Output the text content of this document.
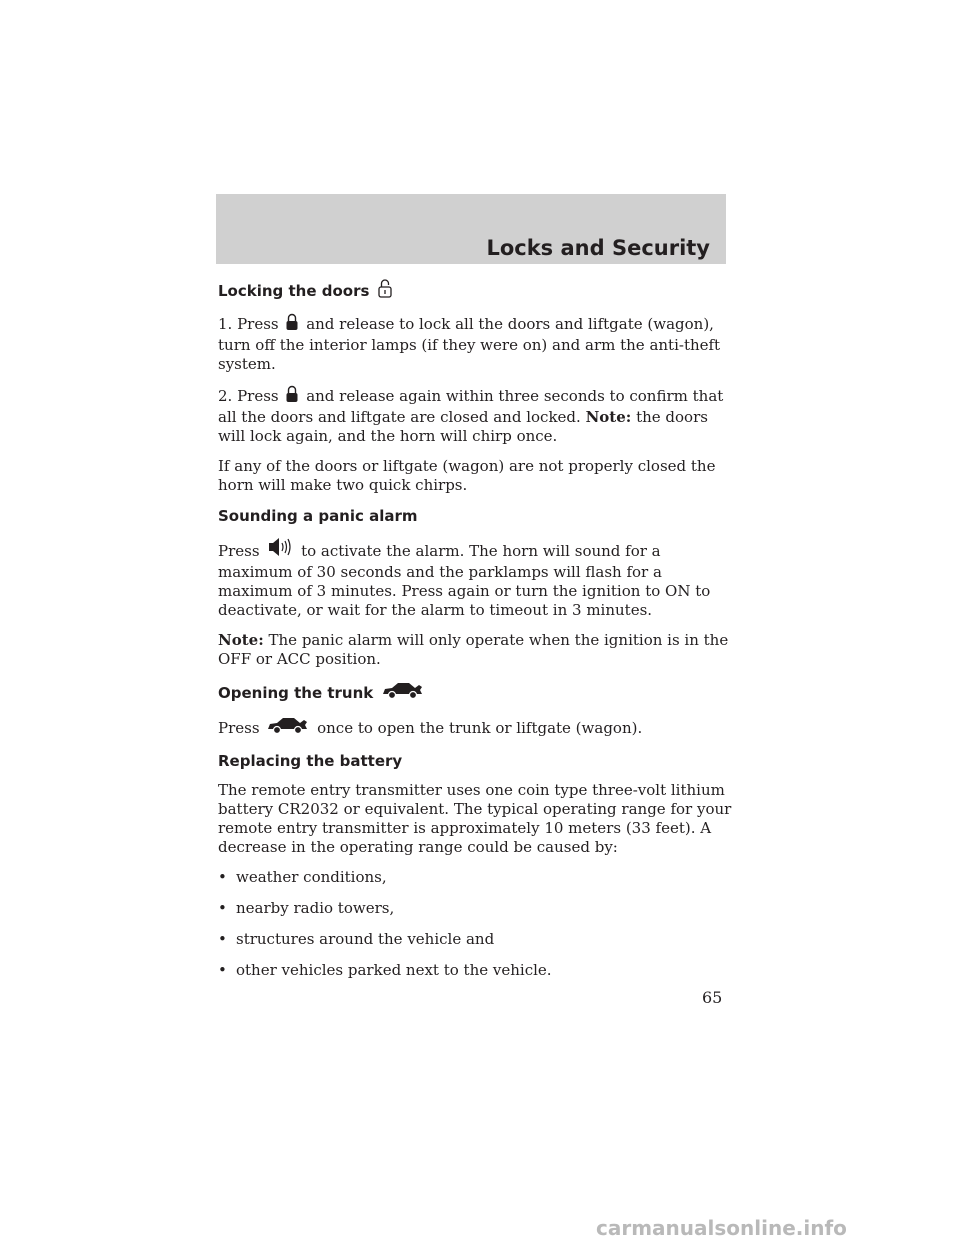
Locks and Security
Locking the doors

1. Press and release to lock all the doors and liftgate (wagon), turn off the interior lamps (if they were on) and arm the anti-theft system.

2. Press and release again within three seconds to confirm that all the doors and liftgate are closed and locked. Note: the doors will lock again, and the horn will chirp once.

If any of the doors or liftgate (wagon) are not properly closed the horn will make two quick chirps.

Sounding a panic alarm

Press	to activate the alarm. The horn will sound for a maximum of 30 seconds and the parklamps will flash for a maximum of 3 minutes. Press again or turn the ignition to ON to deactivate, or wait for the alarm to timeout in 3 minutes.

Note: The panic alarm will only operate when the ignition is in the OFF or ACC position.

Opening the trunk

Press	once to open the trunk or liftgate (wagon).

Replacing the battery

The remote entry transmitter uses one coin type three-volt lithium battery CR2032 or equivalent. The typical operating range for your remote entry transmitter is approximately 10 meters (33 feet). A decrease in the operating range could be caused by:

• weather conditions,
• nearby radio towers,
• structures around the vehicle and
• other vehicles parked next to the vehicle.
65
carmanualsonline.info
